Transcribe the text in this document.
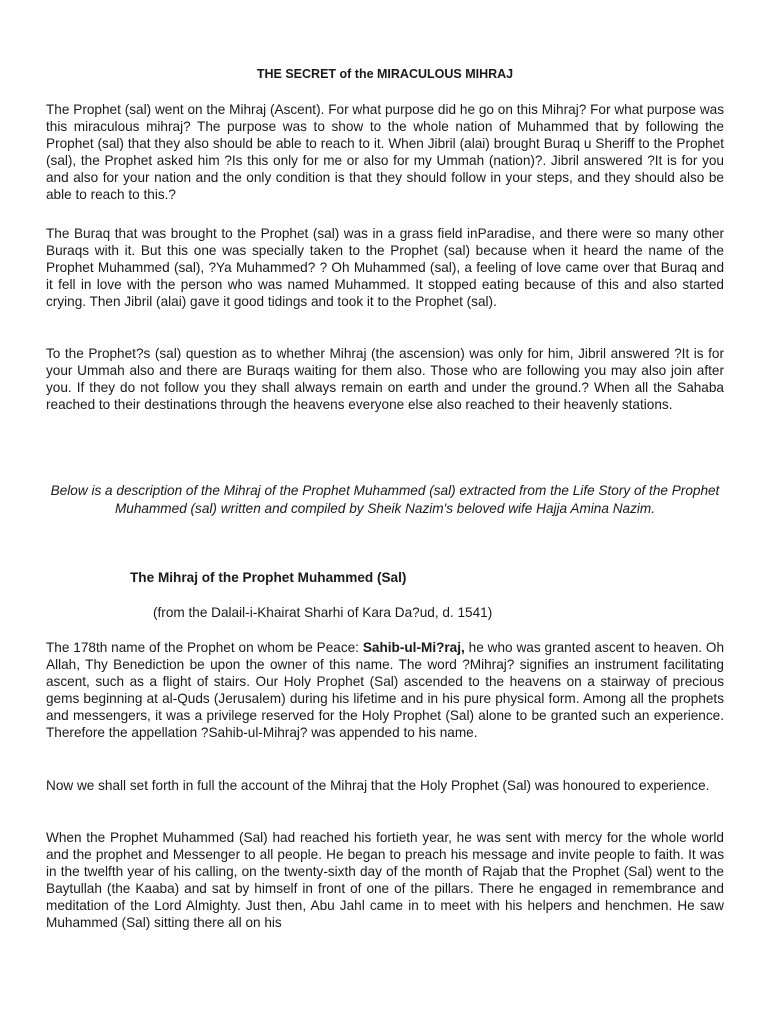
THE SECRET of the MIRACULOUS MIHRAJ

The Prophet (sal) went on the Mihraj (Ascent). For what purpose did he go on this Mihraj? For what purpose was this miraculous mihraj? The purpose was to show to the whole nation of Muhammed that by following the Prophet (sal) that they also should be able to reach to it. When Jibril (alai) brought Buraq u Sheriff to the Prophet (sal), the Prophet asked him ?Is this only for me or also for my Ummah (nation)?. Jibril answered ?It is for you and also for your nation and the only condition is that they should follow in your steps, and they should also be able to reach to this.?

The Buraq that was brought to the Prophet (sal) was in a grass field inParadise, and there were so many other Buraqs with it. But this one was specially taken to the Prophet (sal) because when it heard the name of the Prophet Muhammed (sal), ?Ya Muhammed? ? Oh Muhammed (sal), a feeling of love came over that Buraq and it fell in love with the person who was named Muhammed. It stopped eating because of this and also started crying. Then Jibril (alai) gave it good tidings and took it to the Prophet (sal).

To the Prophet?s (sal) question as to whether Mihraj (the ascension) was only for him, Jibril answered ?It is for your Ummah also and there are Buraqs waiting for them also. Those who are following you may also join after you. If they do not follow you they shall always remain on earth and under the ground.? When all the Sahaba reached to their destinations through the heavens everyone else also reached to their heavenly stations.

Below is a description of the Mihraj of the Prophet Muhammed (sal) extracted from the Life Story of the Prophet Muhammed (sal) written and compiled by Sheik Nazim's beloved wife Hajja Amina Nazim.

The Mihraj of the Prophet Muhammed (Sal)

(from the Dalail-i-Khairat Sharhi of Kara Da?ud, d. 1541)

The 178th name of the Prophet on whom be Peace: Sahib-ul-Mi?raj, he who was granted ascent to heaven. Oh Allah, Thy Benediction be upon the owner of this name. The word ?Mihraj? signifies an instrument facilitating ascent, such as a flight of stairs. Our Holy Prophet (Sal) ascended to the heavens on a stairway of precious gems beginning at al-Quds (Jerusalem) during his lifetime and in his pure physical form. Among all the prophets and messengers, it was a privilege reserved for the Holy Prophet (Sal) alone to be granted such an experience. Therefore the appellation ?Sahib-ul-Mihraj? was appended to his name.

Now we shall set forth in full the account of the Mihraj that the Holy Prophet (Sal) was honoured to experience.

When the Prophet Muhammed (Sal) had reached his fortieth year, he was sent with mercy for the whole world and the prophet and Messenger to all people. He began to preach his message and invite people to faith. It was in the twelfth year of his calling, on the twenty-sixth day of the month of Rajab that the Prophet (Sal) went to the Baytullah (the Kaaba) and sat by himself in front of one of the pillars. There he engaged in remembrance and meditation of the Lord Almighty. Just then, Abu Jahl came in to meet with his helpers and henchmen. He saw Muhammed (Sal) sitting there all on his
